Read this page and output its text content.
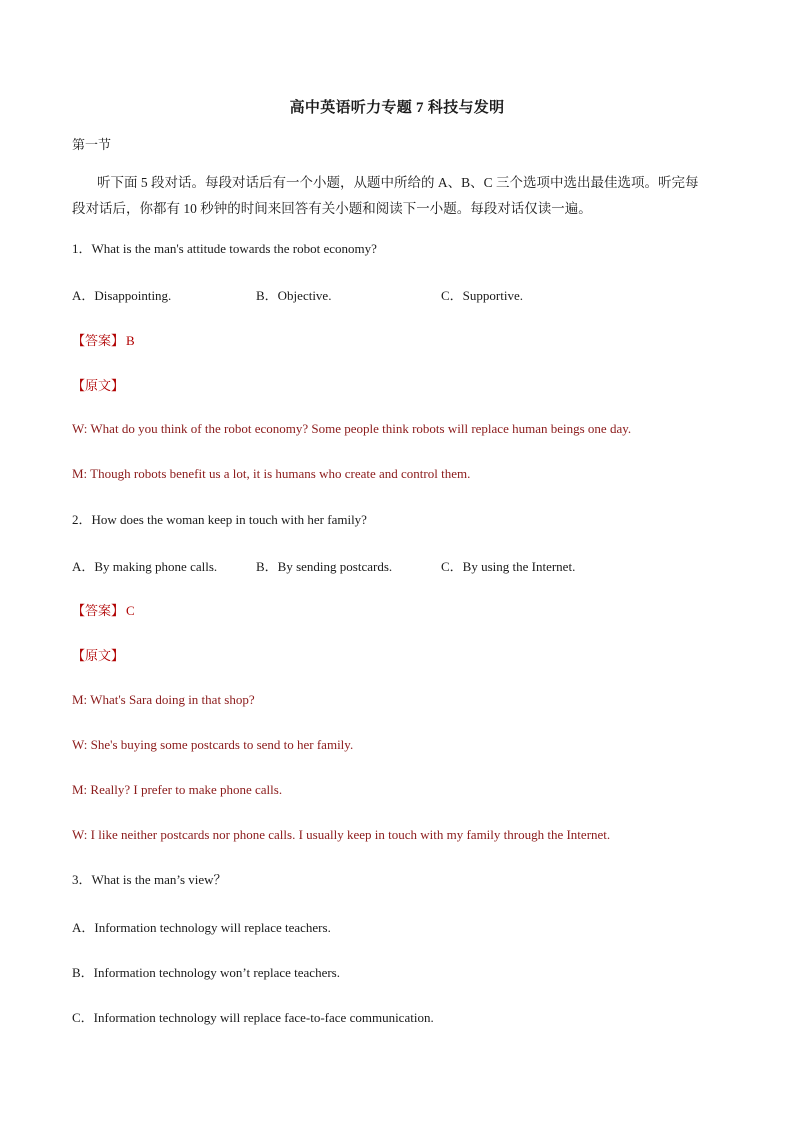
高中英语听力专题 7 科技与发明
第一节
听下面 5 段对话。每段对话后有一个小题，从题中所给的 A、B、C 三个选项中选出最佳选项。听完每
段对话后，你都有 10 秒钟的时间来回答有关小题和阅读下一小题。每段对话仅读一遍。
1．What is the man's attitude towards the robot economy?
A．Disappointing.	B．Objective.	C．Supportive.
【答案】 B
【原文】
W: What do you think of the robot economy? Some people think robots will replace human beings one day.
M: Though robots benefit us a lot, it is humans who create and control them.
2．How does the woman keep in touch with her family?
A．By making phone calls.	B．By sending postcards.	C．By using the Internet.
【答案】 C
【原文】
M: What's Sara doing in that shop?
W: She's buying some postcards to send to her family.
M: Really? I prefer to make phone calls.
W: I like neither postcards nor phone calls. I usually keep in touch with my family through the Internet.
3．What is the man’s view？
A．Information technology will replace teachers.
B．Information technology won’t replace teachers.
C．Information technology will replace face-to-face communication.
